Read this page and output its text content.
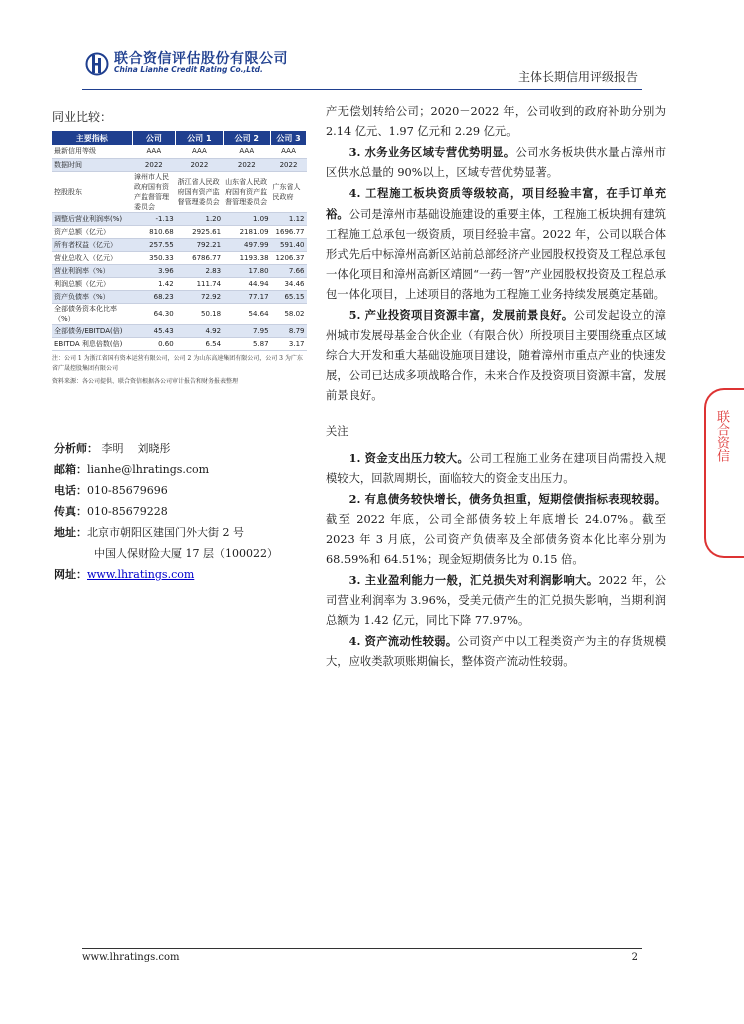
联合资信评估股份有限公司
China Lianhe Credit Rating Co.,Ltd.
主体长期信用评级报告
同业比较：
主要指标	公司	公司 1	公司 2	公司 3
最新信用等级	AAA	AAA	AAA	AAA
数据时间	2022	2022	2022	2022
控股股东	漳州市人民政府国有资产监督管理委员会	浙江省人民政府国有资产监督管理委员会	山东省人民政府国有资产监督管理委员会	广东省人民政府
调整后营业利润率(%)	-1.13	1.20	1.09	1.12
资产总额（亿元）	810.68	2925.61	2181.09	1696.77
所有者权益（亿元）	257.55	792.21	497.99	591.40
营业总收入（亿元）	350.33	6786.77	1193.38	1206.37
营业利润率（%）	3.96	2.83	17.80	7.66
利润总额（亿元）	1.42	111.74	44.94	34.46
资产负债率（%）	68.23	72.92	77.17	65.15
全部债务资本化比率（%）	64.30	50.18	54.64	58.02
全部债务/EBITDA(倍)	45.43	4.92	7.95	8.79
EBITDA 利息倍数(倍)	0.60	6.54	5.87	3.17
注：公司 1 为浙江省国有资本运营有限公司，公司 2 为山东高速集团有限公司，公司 3 为广东省广晟控股集团有限公司
资料来源：各公司提供、联合资信根据各公司审计报告和财务报表整理
分析师： 李明    刘晓彤
邮箱：lianhe@lhratings.com
电话：010-85679696
传真：010-85679228
地址：北京市朝阳区建国门外大街 2 号
中国人保财险大厦 17 层（100022）
网址：www.lhratings.com

产无偿划转给公司；2020－2022 年，公司收到的政府补助分别为 2.14 亿元、1.97 亿元和 2.29 亿元。

3. 水务业务区域专营优势明显。公司水务板块供水量占漳州市区供水总量的 90%以上，区域专营优势显著。

4. 工程施工板块资质等级较高，项目经验丰富，在手订单充裕。公司是漳州市基础设施建设的重要主体，工程施工板块拥有建筑工程施工总承包一级资质，项目经验丰富。2022 年，公司以联合体形式先后中标漳州高新区站前总部经济产业园股权投资及工程总承包一体化项目和漳州高新区靖圆“一药一智”产业园股权投资及工程总承包一体化项目，上述项目的落地为工程施工业务持续发展奠定基础。

5. 产业投资项目资源丰富，发展前景良好。公司发起设立的漳州城市发展母基金合伙企业（有限合伙）所投项目主要围绕重点区域综合大开发和重大基础设施项目建设，随着漳州市重点产业的快速发展，公司已达成多项战略合作，未来合作及投资项目资源丰富，发展前景良好。

关注

1. 资金支出压力较大。公司工程施工业务在建项目尚需投入规模较大，回款周期长，面临较大的资金支出压力。

2. 有息债务较快增长，债务负担重，短期偿债指标表现较弱。截至 2022 年底，公司全部债务较上年底增长 24.07%。截至 2023 年 3 月底，公司资产负债率及全部债务资本化比率分别为 68.59%和 64.51%；现金短期债务比为 0.15 倍。

3. 主业盈利能力一般，汇兑损失对利润影响大。2022 年，公司营业利润率为 3.96%，受美元债产生的汇兑损失影响，当期利润总额为 1.42 亿元，同比下降 77.97%。

4. 资产流动性较弱。公司资产中以工程类资产为主的存货规模大，应收类款项账期偏长，整体资产流动性较弱。

www.lhratings.com	2
联合资信
